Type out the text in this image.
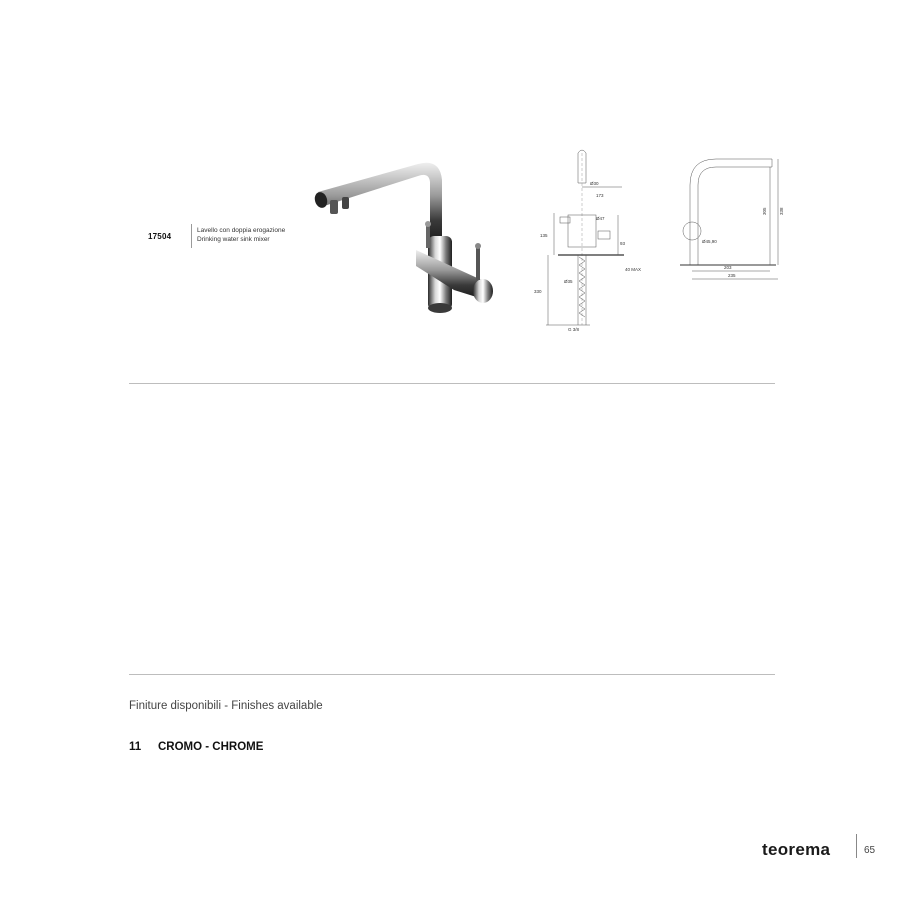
17504
Lavello con doppia erogazione
Drinking water sink mixer
Ø30
173
Ø47
135
93
40 MAX
Ø35
330
G 3/8
Ø45,90
203
235
305	338
Finiture disponibili - Finishes available
11 CROMO - CHROME
teorema	65
